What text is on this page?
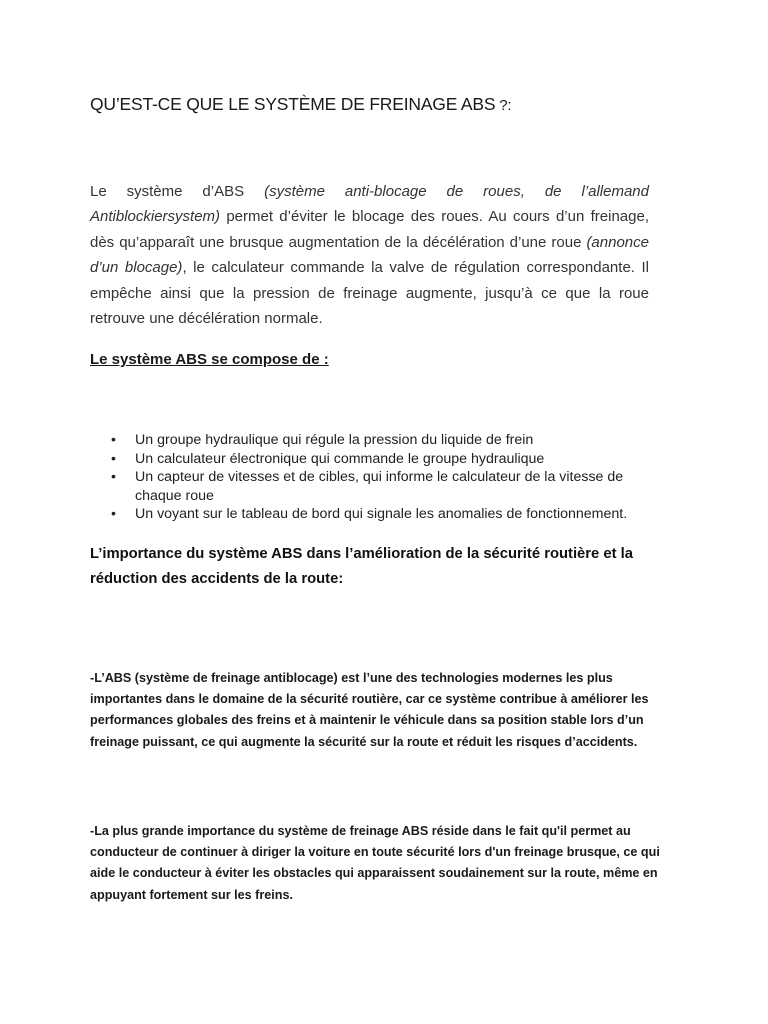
QU’EST-CE QUE LE SYSTÈME DE FREINAGE ABS ?:

Le système d’ABS (système anti-blocage de roues, de l’allemand Antiblockiersystem) permet d’éviter le blocage des roues. Au cours d’un freinage, dès qu’apparaît une brusque augmentation de la décélération d’une roue (annonce d’un blocage), le calculateur commande la valve de régulation correspondante. Il empêche ainsi que la pression de freinage augmente, jusqu’à ce que la roue retrouve une décélération normale.

Le système ABS se compose de :
• Un groupe hydraulique qui régule la pression du liquide de frein
• Un calculateur électronique qui commande le groupe hydraulique
• Un capteur de vitesses et de cibles, qui informe le calculateur de la vitesse de chaque roue
• Un voyant sur le tableau de bord qui signale les anomalies de fonctionnement.
L’importance du système ABS dans l’amélioration de la sécurité routière et la réduction des accidents de la route:

-L’ABS (système de freinage antiblocage) est l’une des technologies modernes les plus importantes dans le domaine de la sécurité routière, car ce système contribue à améliorer les performances globales des freins et à maintenir le véhicule dans sa position stable lors d’un freinage puissant, ce qui augmente la sécurité sur la route et réduit les risques d’accidents.

-La plus grande importance du système de freinage ABS réside dans le fait qu'il permet au conducteur de continuer à diriger la voiture en toute sécurité lors d'un freinage brusque, ce qui aide le conducteur à éviter les obstacles qui apparaissent soudainement sur la route, même en appuyant fortement sur les freins.
